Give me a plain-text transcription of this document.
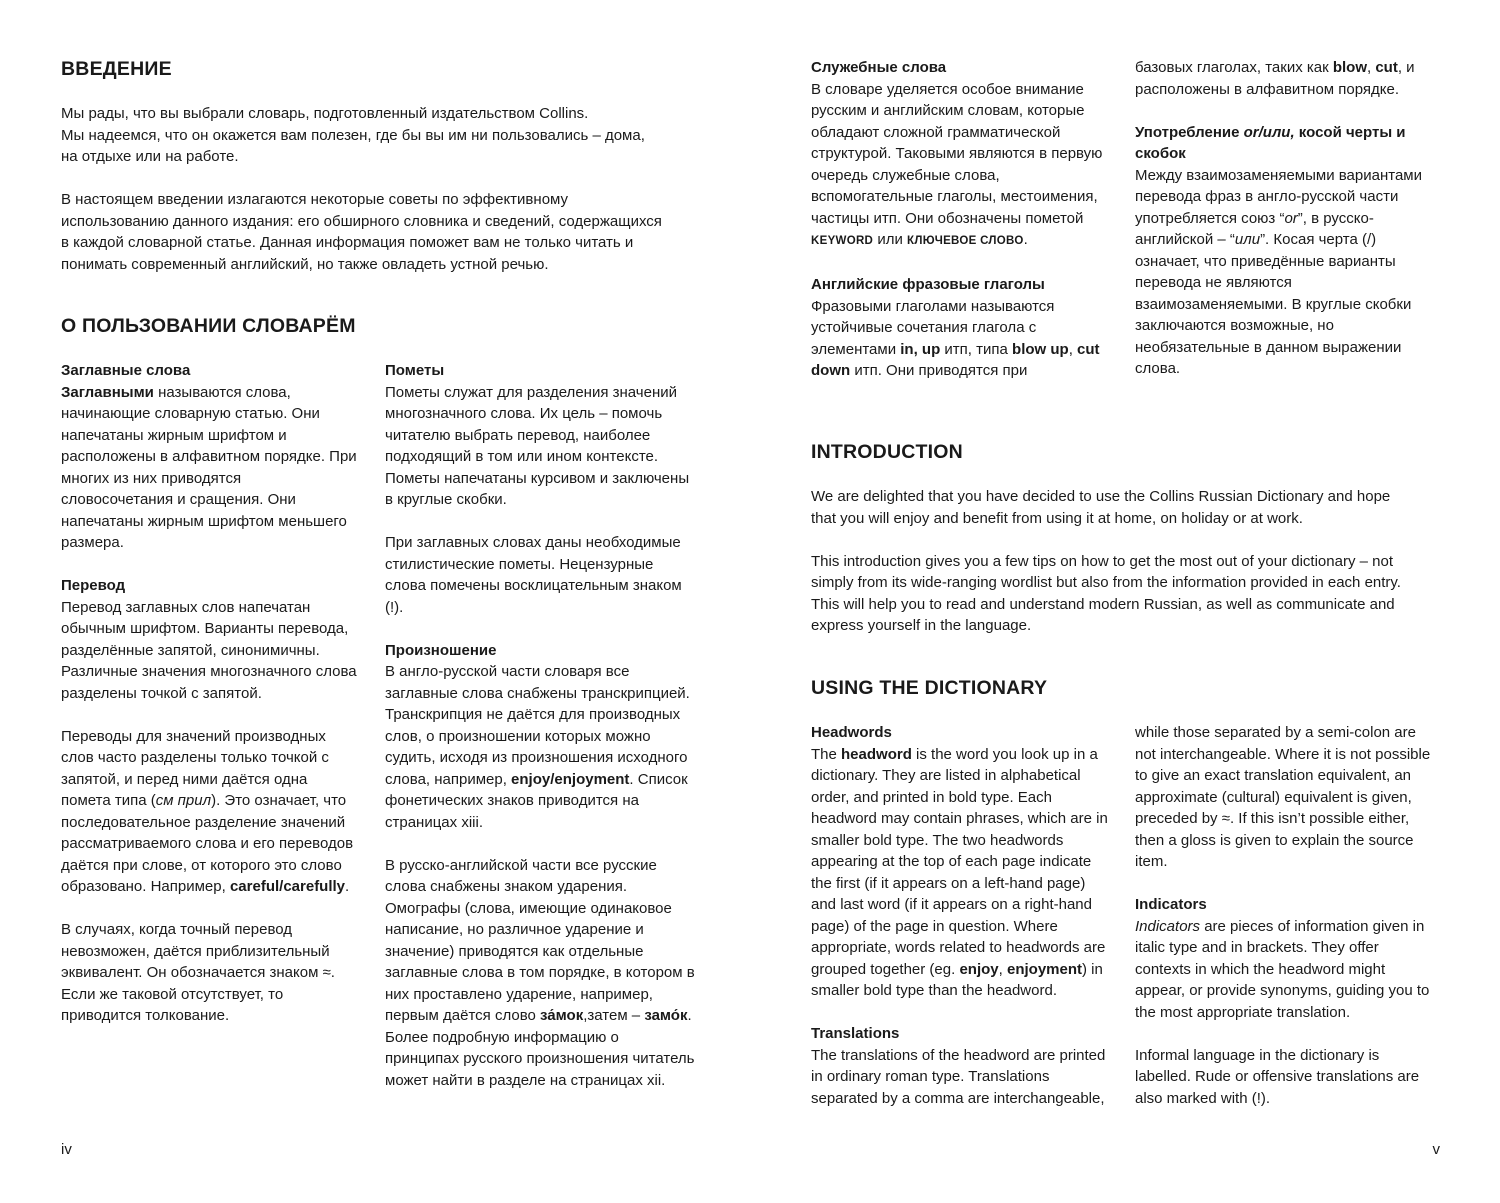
ВВЕДЕНИЕ

Мы рады, что вы выбрали словарь, подготовленный издательством Collins.
Мы надеемся, что он окажется вам полезен, где бы вы им ни пользовались – дома,
на отдыхе или на работе.

В настоящем введении излагаются некоторые советы по эффективному
использованию данного издания: его обширного словника и сведений, содержащихся
в каждой словарной статье. Данная информация поможет вам не только читать и
понимать современный английский, но также овладеть устной речью.

О ПОЛЬЗОВАНИИ СЛОВАРЁМ

Заглавные слова
Заглавными называются слова, начинающие словарную статью. Они напечатаны жирным шрифтом и расположены в алфавитном порядке. При многих из них приводятся словосочетания и сращения. Они напечатаны жирным шрифтом меньшего размера.

Перевод
Перевод заглавных слов напечатан обычным шрифтом. Варианты перевода, разделённые запятой, синонимичны. Различные значения многозначного слова разделены точкой с запятой.

Переводы для значений производных слов часто разделены только точкой с запятой, и перед ними даётся одна помета типа (см прил). Это означает, что последовательное разделение значений рассматриваемого слова и его переводов даётся при слове, от которого это слово образовано. Например, careful/carefully.

В случаях, когда точный перевод невозможен, даётся приблизительный эквивалент. Он обозначается знаком ≈. Если же таковой отсутствует, то приводится толкование.

Пометы
Пометы служат для разделения значений многозначного слова. Их цель – помочь читателю выбрать перевод, наиболее подходящий в том или ином контексте. Пометы напечатаны курсивом и заключены в круглые скобки.

При заглавных словах даны необходимые стилистические пометы. Нецензурные слова помечены восклицательным знаком (!).

Произношение
В англо-русской части словаря все заглавные слова снабжены транскрипцией. Транскрипция не даётся для производных слов, о произношении которых можно судить, исходя из произношения исходного слова, например, enjoy/enjoyment. Список фонетических знаков приводится на страницах xiii.

В русско-английской части все русские слова снабжены знаком ударения. Омографы (слова, имеющие одинаковое написание, но различное ударение и значение) приводятся как отдельные заглавные слова в том порядке, в котором в них проставлено ударение, например, первым даётся слово за́мок,затем – замо́к. Более подробную информацию о принципах русского произношения читатель может найти в разделе на страницах xii.

iv

Служебные слова
В словаре уделяется особое внимание русским и английским словам, которые обладают сложной грамматической структурой. Таковыми являются в первую очередь служебные слова, вспомогательные глаголы, местоимения, частицы итп. Они обозначены пометой KEYWORD или КЛЮЧЕВОЕ СЛОВО.

Английские фразовые глаголы
Фразовыми глаголами называются устойчивые сочетания глагола с элементами in, up итп, типа blow up, cut down итп. Они приводятся при

базовых глаголах, таких как blow, cut, и расположены в алфавитном порядке.

Употребление or/или, косой черты и скобок
Между взаимозаменяемыми вариантами перевода фраз в англо-русской части употребляется союз “or”, в русско-английской – “или”. Косая черта (/) означает, что приведённые варианты перевода не являются взаимозаменяемыми. В круглые скобки заключаются возможные, но необязательные в данном выражении слова.

INTRODUCTION

We are delighted that you have decided to use the Collins Russian Dictionary and hope
that you will enjoy and benefit from using it at home, on holiday or at work.

This introduction gives you a few tips on how to get the most out of your dictionary – not
simply from its wide-ranging wordlist but also from the information provided in each entry.
This will help you to read and understand modern Russian, as well as communicate and
express yourself in the language.

USING THE DICTIONARY

Headwords
The headword is the word you look up in a dictionary. They are listed in alphabetical order, and printed in bold type. Each headword may contain phrases, which are in smaller bold type. The two headwords appearing at the top of each page indicate the first (if it appears on a left-hand page) and last word (if it appears on a right-hand page) of the page in question. Where appropriate, words related to headwords are grouped together (eg. enjoy, enjoyment) in smaller bold type than the headword.

Translations
The translations of the headword are printed in ordinary roman type. Translations separated by a comma are interchangeable,

while those separated by a semi-colon are not interchangeable. Where it is not possible to give an exact translation equivalent, an approximate (cultural) equivalent is given, preceded by ≈. If this isn’t possible either, then a gloss is given to explain the source item.

Indicators
Indicators are pieces of information given in italic type and in brackets. They offer contexts in which the headword might appear, or provide synonyms, guiding you to the most appropriate translation.

Informal language in the dictionary is labelled. Rude or offensive translations are also marked with (!).

v
